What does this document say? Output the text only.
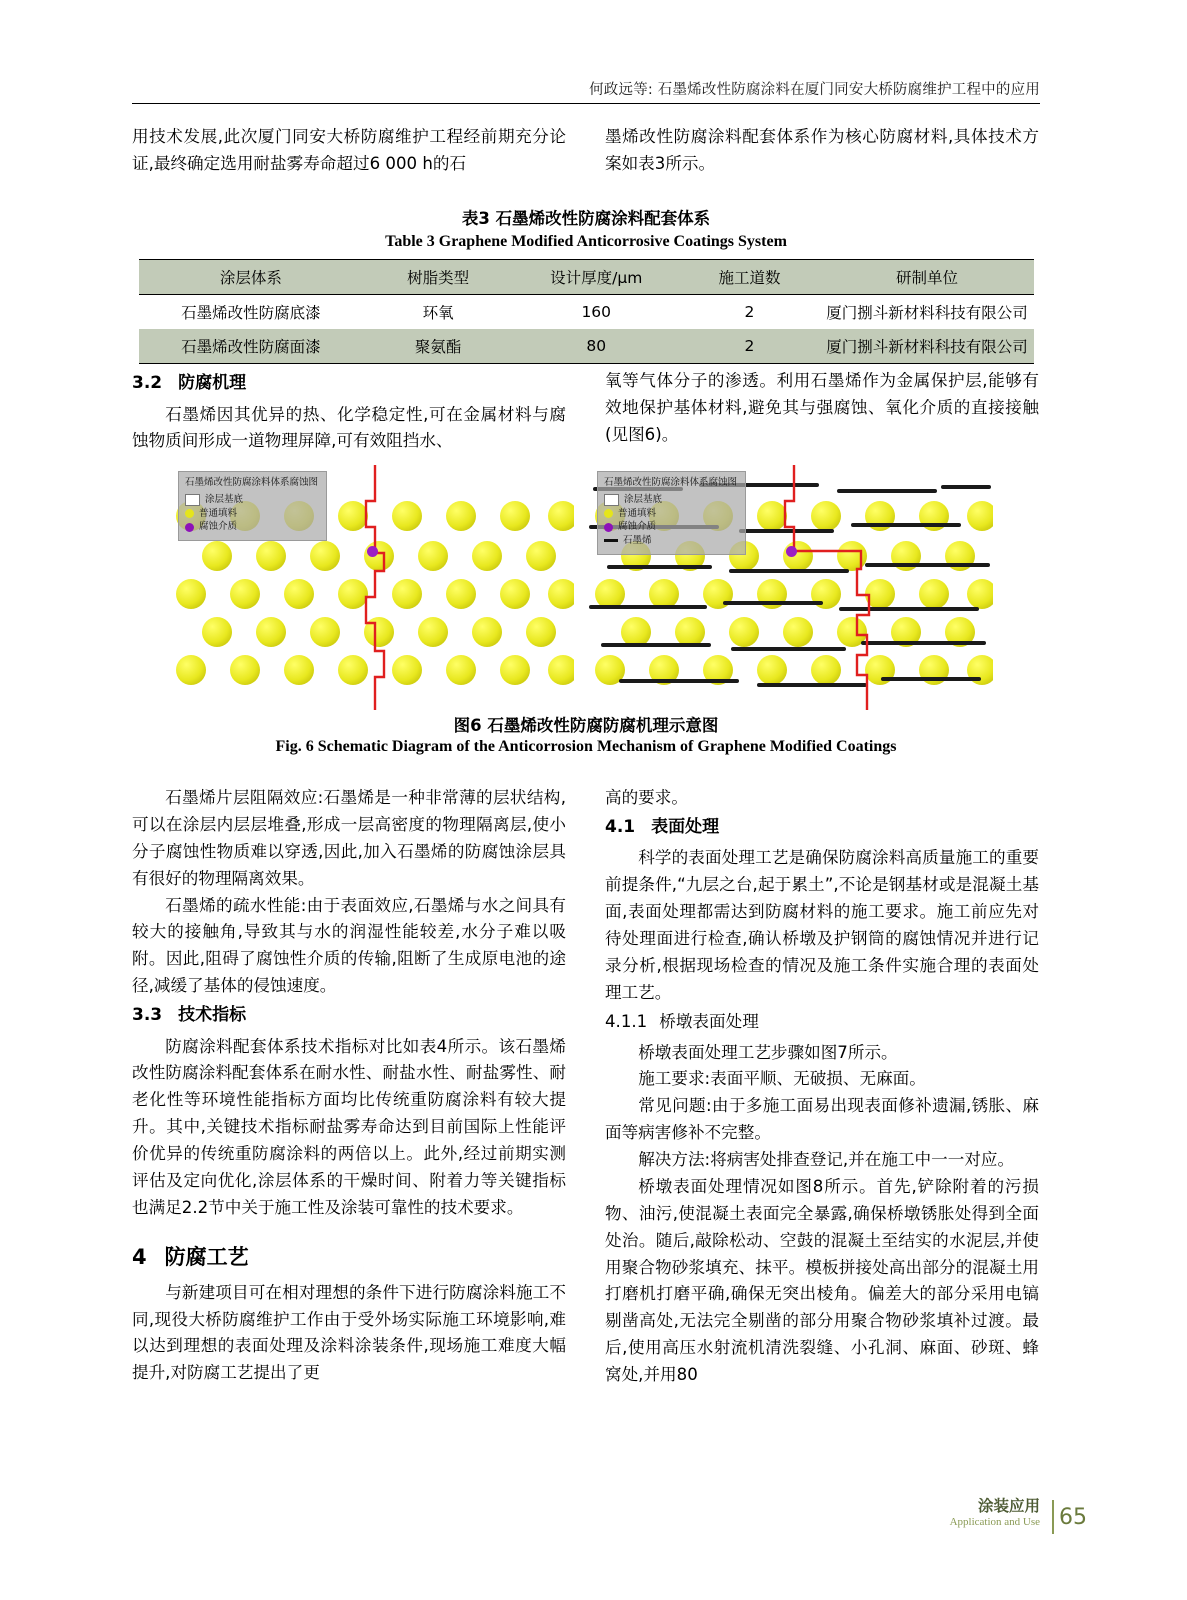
何政远等: 石墨烯改性防腐涂料在厦门同安大桥防腐维护工程中的应用

用技术发展,此次厦门同安大桥防腐维护工程经前期充分论证,最终确定选用耐盐雾寿命超过6 000 h的石

墨烯改性防腐涂料配套体系作为核心防腐材料,具体技术方案如表3所示。

表3 石墨烯改性防腐涂料配套体系
Table 3 Graphene Modified Anticorrosive Coatings System
涂层体系	树脂类型	设计厚度/μm	施工道数	研制单位
石墨烯改性防腐底漆	环氧	160	2	厦门捌斗新材料科技有限公司
石墨烯改性防腐面漆	聚氨酯	80	2	厦门捌斗新材料科技有限公司
3.2 防腐机理

石墨烯因其优异的热、化学稳定性,可在金属材料与腐蚀物质间形成一道物理屏障,可有效阻挡水、

氧等气体分子的渗透。利用石墨烯作为金属保护层,能够有效地保护基体材料,避免其与强腐蚀、氧化介质的直接接触(见图6)。

石墨烯改性防腐涂料体系腐蚀图
涂层基底
普通填料
腐蚀介质
石墨烯改性防腐涂料体系腐蚀图
涂层基底
普通填料
腐蚀介质
石墨烯
图6 石墨烯改性防腐防腐机理示意图
Fig. 6 Schematic Diagram of the Anticorrosion Mechanism of Graphene Modified Coatings

石墨烯片层阻隔效应:石墨烯是一种非常薄的层状结构,可以在涂层内层层堆叠,形成一层高密度的物理隔离层,使小分子腐蚀性物质难以穿透,因此,加入石墨烯的防腐蚀涂层具有很好的物理隔离效果。

石墨烯的疏水性能:由于表面效应,石墨烯与水之间具有较大的接触角,导致其与水的润湿性能较差,水分子难以吸附。因此,阻碍了腐蚀性介质的传输,阻断了生成原电池的途径,减缓了基体的侵蚀速度。

3.3 技术指标

防腐涂料配套体系技术指标对比如表4所示。该石墨烯改性防腐涂料配套体系在耐水性、耐盐水性、耐盐雾性、耐老化性等环境性能指标方面均比传统重防腐涂料有较大提升。其中,关键技术指标耐盐雾寿命达到目前国际上性能评价优异的传统重防腐涂料的两倍以上。此外,经过前期实测评估及定向优化,涂层体系的干燥时间、附着力等关键指标也满足2.2节中关于施工性及涂装可靠性的技术要求。

4 防腐工艺

与新建项目可在相对理想的条件下进行防腐涂料施工不同,现役大桥防腐维护工作由于受外场实际施工环境影响,难以达到理想的表面处理及涂料涂装条件,现场施工难度大幅提升,对防腐工艺提出了更

高的要求。

4.1 表面处理

科学的表面处理工艺是确保防腐涂料高质量施工的重要前提条件,“九层之台,起于累土”,不论是钢基材或是混凝土基面,表面处理都需达到防腐材料的施工要求。施工前应先对待处理面进行检查,确认桥墩及护钢筒的腐蚀情况并进行记录分析,根据现场检查的情况及施工条件实施合理的表面处理工艺。

4.1.1 桥墩表面处理

桥墩表面处理工艺步骤如图7所示。

施工要求:表面平顺、无破损、无麻面。

常见问题:由于多施工面易出现表面修补遗漏,锈胀、麻面等病害修补不完整。

解决方法:将病害处排查登记,并在施工中一一对应。

桥墩表面处理情况如图8所示。首先,铲除附着的污损物、油污,使混凝土表面完全暴露,确保桥墩锈胀处得到全面处治。随后,敲除松动、空鼓的混凝土至结实的水泥层,并使用聚合物砂浆填充、抹平。模板拼接处高出部分的混凝土用打磨机打磨平确,确保无突出棱角。偏差大的部分采用电镐剔凿高处,无法完全剔凿的部分用聚合物砂浆填补过渡。最后,使用高压水射流机清洗裂缝、小孔洞、麻面、砂斑、蜂窝处,并用80

涂装应用
Application and Use 65
